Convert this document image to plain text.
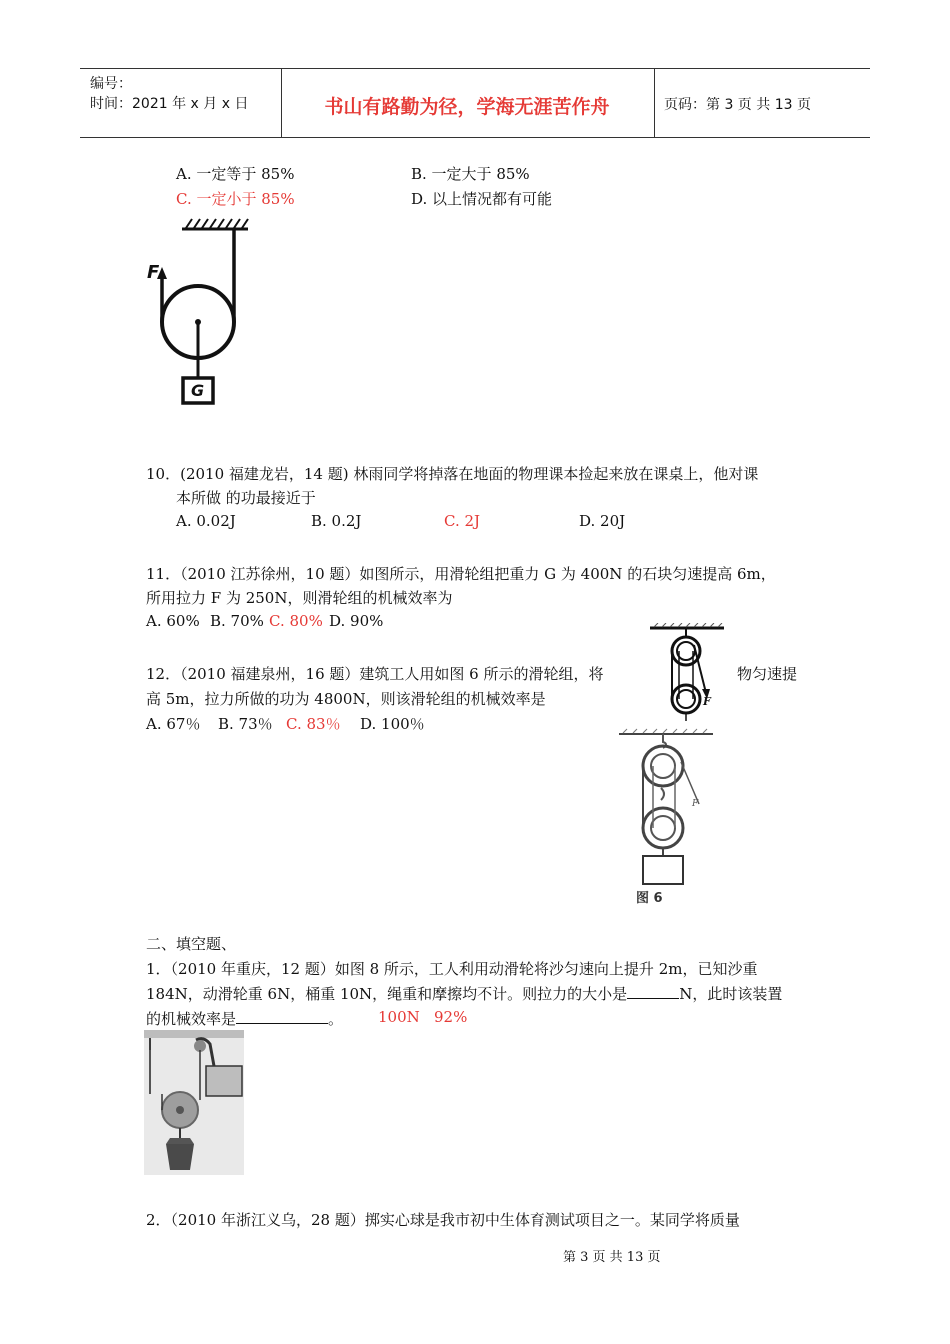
编号：
时间：2021 年 x 月 x 日	页码：第 3 页 共 13 页
书山有路勤为径，学海无涯苦作舟
A. 一定等于 85%	B. 一定大于 85%
C. 一定小于 85%	D. 以上情况都有可能
F
G
10．(2010 福建龙岩，14 题) 林雨同学将掉落在地面的物理课本捡起来放在课桌上，他对课
本所做 的功最接近于
A. 0.02J	B. 0.2J	C. 2J	D. 20J
11．（2010 江苏徐州，10 题）如图所示，用滑轮组把重力 G 为 400N 的石块匀速提高 6m，
所用拉力 F 为 250N，则滑轮组的机械效率为
A. 60% B. 70% C. 80% D. 90%
F
12．（2010 福建泉州，16 题）建筑工人用如图 6 所示的滑轮组，将	物匀速提
高 5m，拉力所做的功为 4800N，则该滑轮组的机械效率是
A. 67％ B. 73％ C. 83％ D. 100％
F
图 6
二、填空题、
1．（2010 年重庆，12 题）如图 8 所示，工人利用动滑轮将沙匀速向上提升 2m，已知沙重
184N，动滑轮重 6N，桶重 10N，绳重和摩擦均不计。则拉力的大小是	N，此时该装置
的机械效率是	。 100N 92%
2．（2010 年浙江义乌，28 题）掷实心球是我市初中生体育测试项目之一。某同学将质量
第 3 页 共 13 页
